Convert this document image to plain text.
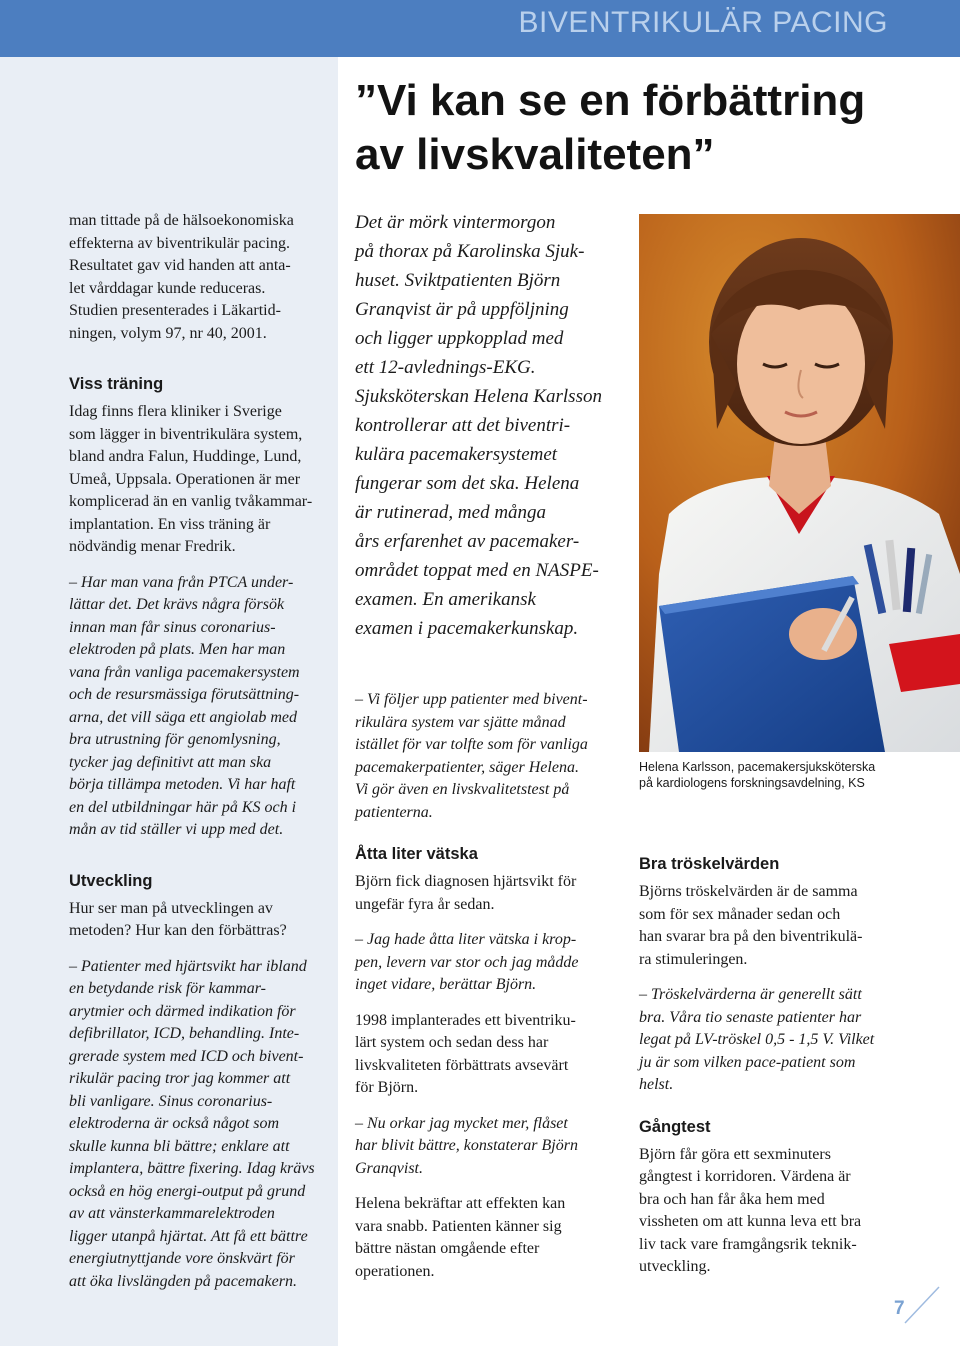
BIVENTRIKULÄR PACING
”Vi kan se en förbättring
av livskvaliteten”
man tittade på de hälsoekonomiska
effekterna av biventrikulär pacing.
Resultatet gav vid handen att anta-
let vårddagar kunde reduceras.
Studien presenterades i Läkartid-
ningen, volym 97, nr 40, 2001.
Viss träning
Idag finns flera kliniker i Sverige
som lägger in biventrikulära system,
bland andra Falun, Huddinge, Lund,
Umeå, Uppsala. Operationen är mer
komplicerad än en vanlig tvåkammar-
implantation. En viss träning är
nödvändig menar Fredrik.
– Har man vana från PTCA under-
lättar det. Det krävs några försök
innan man får sinus coronarius-
elektroden på plats. Men har man
vana från vanliga pacemakersystem
och de resursmässiga förutsättning-
arna, det vill säga ett angiolab med
bra utrustning för genomlysning,
tycker jag definitivt att man ska
börja tillämpa metoden. Vi har haft
en del utbildningar här på KS och i
mån av tid ställer vi upp med det.
Utveckling
Hur ser man på utvecklingen av
metoden? Hur kan den förbättras?
– Patienter med hjärtsvikt har ibland
en betydande risk för kammar-
arytmier och därmed indikation för
defibrillator, ICD, behandling. Inte-
grerade system med ICD och bivent-
rikulär pacing tror jag kommer att
bli vanligare. Sinus coronarius-
elektroderna är också något som
skulle kunna bli bättre; enklare att
implantera, bättre fixering. Idag krävs
också en hög energi-output på grund
av att vänsterkammarelektroden
ligger utanpå hjärtat. Att få ett bättre
energiutnyttjande vore önskvärt för
att öka livslängden på pacemakern.
Det är mörk vintermorgon
på thorax på Karolinska Sjuk-
huset. Sviktpatienten Björn
Granqvist är på uppföljning
och ligger uppkopplad med
ett 12-avlednings-EKG.
Sjuksköterskan Helena Karlsson
kontrollerar att det biventri-
kulära pacemakersystemet
fungerar som det ska. Helena
är rutinerad, med många
års erfarenhet av pacemaker-
området toppat med en NASPE-
examen. En amerikansk
examen i pacemakerkunskap.
– Vi följer upp patienter med bivent-
rikulära system var sjätte månad
istället för var tolfte som för vanliga
pacemakerpatienter, säger Helena.
Vi gör även en livskvalitetstest på
patienterna.
Åtta liter vätska
Björn fick diagnosen hjärtsvikt för
ungefär fyra år sedan.
– Jag hade åtta liter vätska i krop-
pen, levern var stor och jag mådde
inget vidare, berättar Björn.
1998 implanterades ett biventriku-
lärt system och sedan dess har
livskvaliteten förbättrats avsevärt
för Björn.
– Nu orkar jag mycket mer, flåset
har blivit bättre, konstaterar Björn
Granqvist.
Helena bekräftar att effekten kan
vara snabb. Patienten känner sig
bättre nästan omgående efter
operationen.
Helena Karlsson, pacemakersjuksköterska
på kardiologens forskningsavdelning, KS
Bra tröskelvärden
Björns tröskelvärden är de samma
som för sex månader sedan och
han svarar bra på den biventrikulä-
ra stimuleringen.
– Tröskelvärderna är generellt sätt
bra. Våra tio senaste patienter har
legat på LV-tröskel 0,5 - 1,5 V. Vilket
ju är som vilken pace-patient som
helst.
Gångtest
Björn får göra ett sexminuters
gångtest i korridoren. Värdena är
bra och han får åka hem med
vissheten om att kunna leva ett bra
liv tack vare framgångsrik teknik-
utveckling.
7
